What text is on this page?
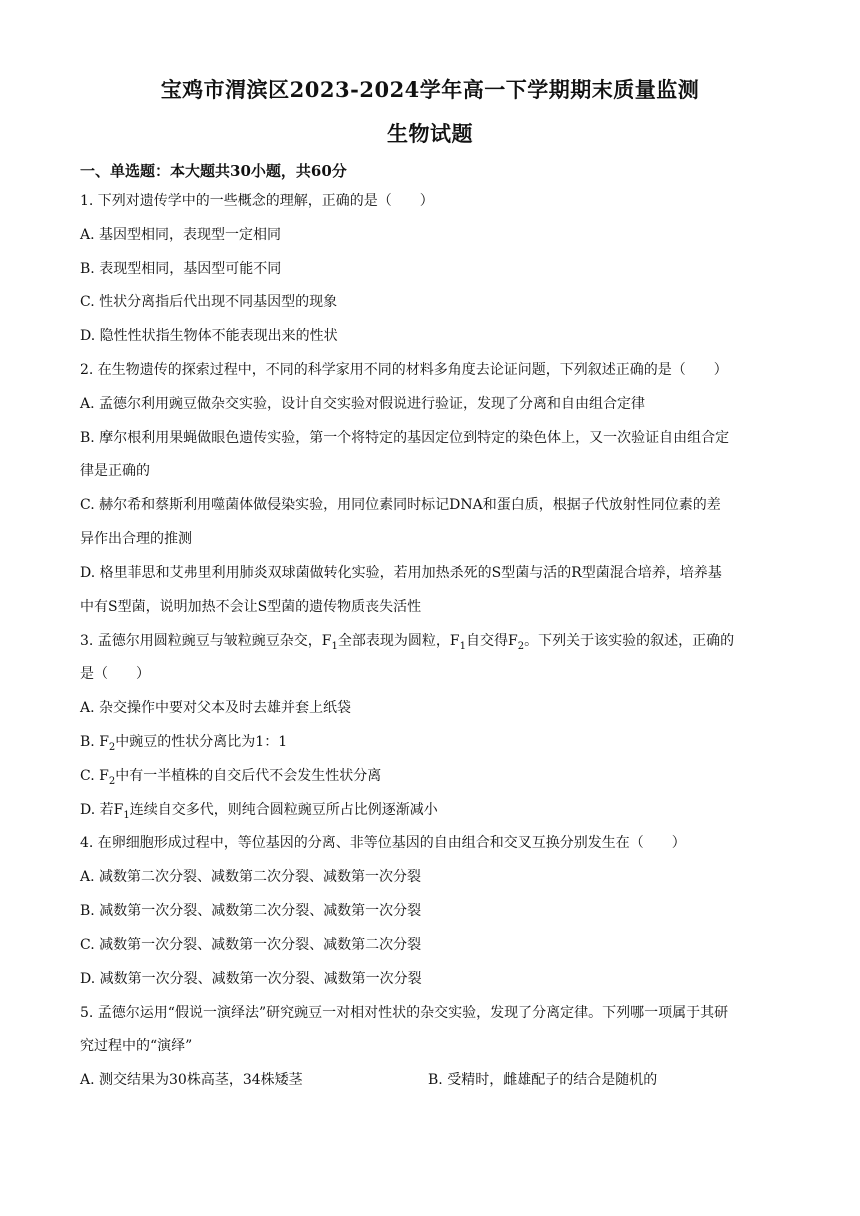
宝鸡市渭滨区2023-2024学年高一下学期期末质量监测
生物试题
一、单选题：本大题共30小题，共60分
1. 下列对遗传学中的一些概念的理解，正确的是（　　）
A. 基因型相同，表现型一定相同
B. 表现型相同，基因型可能不同
C. 性状分离指后代出现不同基因型的现象
D. 隐性性状指生物体不能表现出来的性状
2. 在生物遗传的探索过程中，不同的科学家用不同的材料多角度去论证问题，下列叙述正确的是（　　）
A. 孟德尔利用豌豆做杂交实验，设计自交实验对假说进行验证，发现了分离和自由组合定律
B. 摩尔根利用果蝇做眼色遗传实验，第一个将特定的基因定位到特定的染色体上，又一次验证自由组合定
律是正确的
C. 赫尔希和蔡斯利用噬菌体做侵染实验，用同位素同时标记DNA和蛋白质，根据子代放射性同位素的差
异作出合理的推测
D. 格里菲思和艾弗里利用肺炎双球菌做转化实验，若用加热杀死的S型菌与活的R型菌混合培养，培养基
中有S型菌，说明加热不会让S型菌的遗传物质丧失活性
3. 孟德尔用圆粒豌豆与皱粒豌豆杂交，$F_1$全部表现为圆粒，$F_1$自交得$F_2$。下列关于该实验的叙述，正确的
是（　　）
A. 杂交操作中要对父本及时去雄并套上纸袋
B. $F_2$中豌豆的性状分离比为1：1
C. $F_2$中有一半植株的自交后代不会发生性状分离
D. 若$F_1$连续自交多代，则纯合圆粒豌豆所占比例逐渐减小
4. 在卵细胞形成过程中，等位基因的分离、非等位基因的自由组合和交叉互换分别发生在（　　）
A. 减数第二次分裂、减数第二次分裂、减数第一次分裂
B. 减数第一次分裂、减数第二次分裂、减数第一次分裂
C. 减数第一次分裂、减数第一次分裂、减数第二次分裂
D. 减数第一次分裂、减数第一次分裂、减数第一次分裂
5. 孟德尔运用“假说一演绎法”研究豌豆一对相对性状的杂交实验，发现了分离定律。下列哪一项属于其研
究过程中的“演绎”
A. 测交结果为30株高茎，34株矮茎	B. 受精时，雌雄配子的结合是随机的
